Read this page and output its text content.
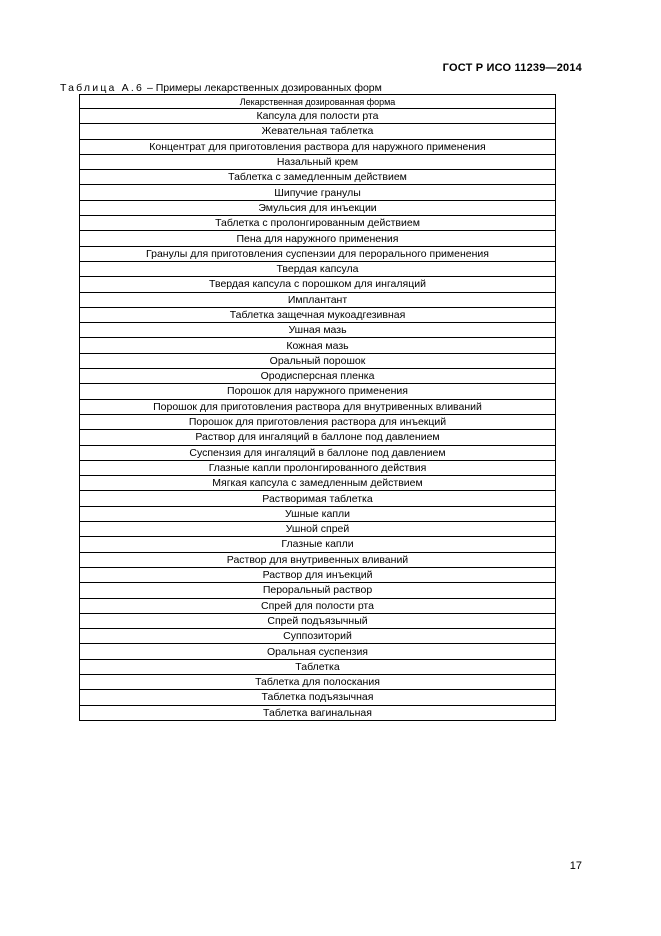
ГОСТ Р ИСО 11239—2014
Таблица А.6 – Примеры лекарственных дозированных форм
Лекарственная дозированная форма
Капсула для полости рта
Жевательная таблетка
Концентрат для приготовления раствора для наружного применения
Назальный крем
Таблетка с замедленным действием
Шипучие гранулы
Эмульсия для инъекции
Таблетка с пролонгированным действием
Пена для наружного применения
Гранулы для приготовления суспензии для перорального применения
Твердая капсула
Твердая капсула с порошком для ингаляций
Имплантант
Таблетка защечная мукоадгезивная
Ушная мазь
Кожная мазь
Оральный порошок
Ородисперсная пленка
Порошок для наружного применения
Порошок для приготовления раствора для внутривенных вливаний
Порошок для приготовления раствора для инъекций
Раствор для ингаляций в баллоне под давлением
Суспензия для ингаляций в баллоне под давлением
Глазные капли пролонгированного действия
Мягкая капсула с замедленным действием
Растворимая таблетка
Ушные капли
Ушной спрей
Глазные капли
Раствор для внутривенных вливаний
Раствор для инъекций
Пероральный раствор
Спрей для полости рта
Спрей подъязычный
Суппозиторий
Оральная суспензия
Таблетка
Таблетка для полоскания
Таблетка подъязычная
Таблетка вагинальная
17
